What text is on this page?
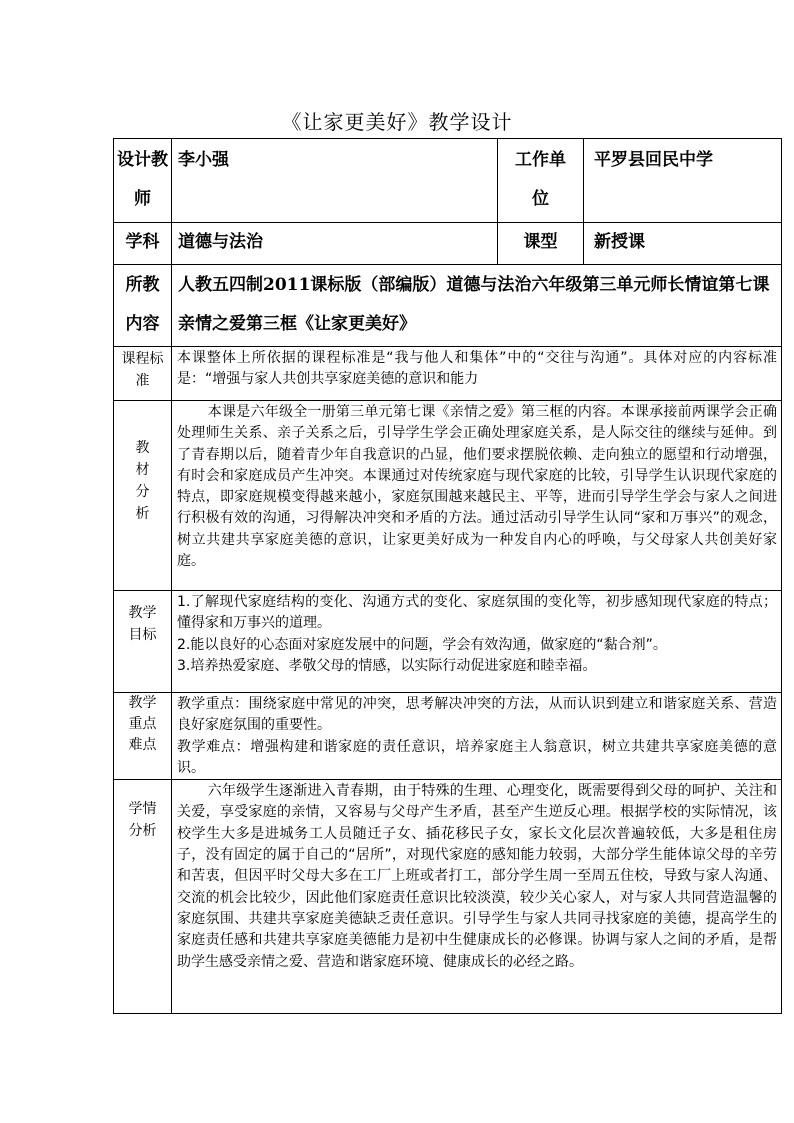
《让家更美好》教学设计
设计教师	李小强	工作单位	平罗县回民中学
学科	道德与法治	课型	新授课
所教内容	人教五四制2011课标版（部编版）道德与法治六年级第三单元师长情谊第七课亲情之爱第三框《让家更美好》		
课程标准	本课整体上所依据的课程标准是“我与他人和集体”中的“交往与沟通”。具体对应的内容标准是：“增强与家人共创共享家庭美德的意识和能力		
教材分析	本课是六年级全一册第三单元第七课《亲情之爱》第三框的内容。本课承接前两课学会正确处理师生关系、亲子关系之后，引导学生学会正确处理家庭关系，是人际交往的继续与延伸。到了青春期以后，随着青少年自我意识的凸显，他们要求摆脱依赖、走向独立的愿望和行动增强，有时会和家庭成员产生冲突。本课通过对传统家庭与现代家庭的比较，引导学生认识现代家庭的特点，即家庭规模变得越来越小，家庭氛围越来越民主、平等，进而引导学生学会与家人之间进行积极有效的沟通，习得解决冲突和矛盾的方法。通过活动引导学生认同“家和万事兴”的观念，树立共建共享家庭美德的意识，让家更美好成为一种发自内心的呼唤，与父母家人共创美好家庭。		
教学目标	1.了解现代家庭结构的变化、沟通方式的变化、家庭氛围的变化等，初步感知现代家庭的特点；懂得家和万事兴的道理。
2.能以良好的心态面对家庭发展中的问题，学会有效沟通，做家庭的“黏合剂”。
3.培养热爱家庭、孝敬父母的情感，以实际行动促进家庭和睦幸福。		

教学重点难点	教学重点：围绕家庭中常见的冲突，思考解决冲突的方法，从而认识到建立和谐家庭关系、营造良好家庭氛围的重要性。
教学难点：增强构建和谐家庭的责任意识，培养家庭主人翁意识，树立共建共享家庭美德的意识。		

学情分析	六年级学生逐渐进入青春期，由于特殊的生理、心理变化，既需要得到父母的呵护、关注和关爱，享受家庭的亲情，又容易与父母产生矛盾，甚至产生逆反心理。根据学校的实际情况，该校学生大多是进城务工人员随迁子女、插花移民子女，家长文化层次普遍较低，大多是租住房子，没有固定的属于自己的“居所”，对现代家庭的感知能力较弱，大部分学生能体谅父母的辛劳和苦衷，但因平时父母大多在工厂上班或者打工，部分学生周一至周五住校，导致与家人沟通、交流的机会比较少，因此他们家庭责任意识比较淡漠，较少关心家人，对与家人共同营造温馨的家庭氛围、共建共享家庭美德缺乏责任意识。引导学生与家人共同寻找家庭的美德，提高学生的家庭责任感和共建共享家庭美德能力是初中生健康成长的必修课。协调与家人之间的矛盾，是帮助学生感受亲情之爱、营造和谐家庭环境、健康成长的必经之路。		
